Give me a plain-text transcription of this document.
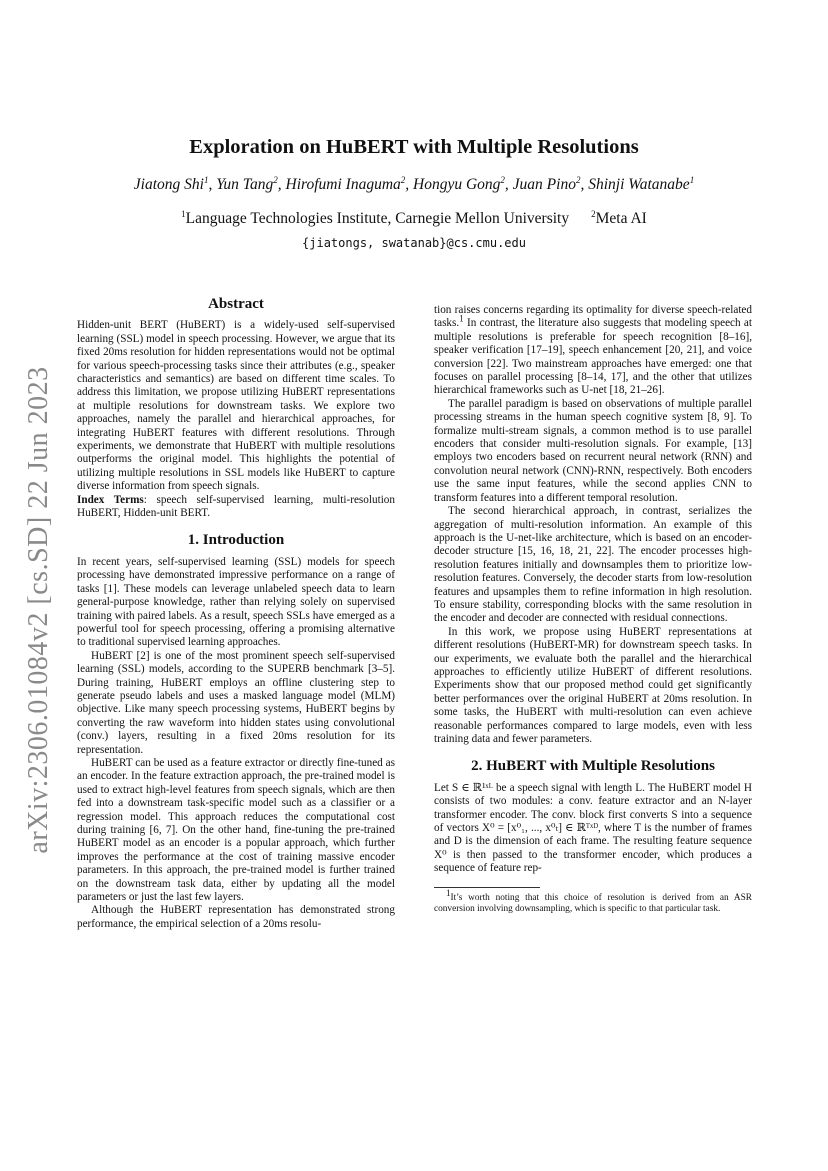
arXiv:2306.01084v2 [cs.SD] 22 Jun 2023
Exploration on HuBERT with Multiple Resolutions
Jiatong Shi$^1$, Yun Tang$^2$, Hirofumi Inaguma$^2$, Hongyu Gong$^2$, Juan Pino$^2$, Shinji Watanabe$^1$
$^1$Language Technologies Institute, Carnegie Mellon University $^2$Meta AI
{jiatongs, swatanab}@cs.cmu.edu
Abstract

Hidden-unit BERT (HuBERT) is a widely-used self-supervised learning (SSL) model in speech processing. However, we argue that its fixed 20ms resolution for hidden representations would not be optimal for various speech-processing tasks since their attributes (e.g., speaker characteristics and semantics) are based on different time scales. To address this limitation, we propose utilizing HuBERT representations at multiple resolutions for downstream tasks. We explore two approaches, namely the parallel and hierarchical approaches, for integrating HuBERT features with different resolutions. Through experiments, we demonstrate that HuBERT with multiple resolutions outperforms the original model. This highlights the potential of utilizing multiple resolutions in SSL models like HuBERT to capture diverse information from speech signals.

Index Terms: speech self-supervised learning, multi-resolution HuBERT, Hidden-unit BERT.

1. Introduction

In recent years, self-supervised learning (SSL) models for speech processing have demonstrated impressive performance on a range of tasks [1]. These models can leverage unlabeled speech data to learn general-purpose knowledge, rather than relying solely on supervised training with paired labels. As a result, speech SSLs have emerged as a powerful tool for speech processing, offering a promising alternative to traditional supervised learning approaches.

HuBERT [2] is one of the most prominent speech self-supervised learning (SSL) models, according to the SUPERB benchmark [3–5]. During training, HuBERT employs an offline clustering step to generate pseudo labels and uses a masked language model (MLM) objective. Like many speech processing systems, HuBERT begins by converting the raw waveform into hidden states using convolutional (conv.) layers, resulting in a fixed 20ms resolution for its representation.

HuBERT can be used as a feature extractor or directly fine-tuned as an encoder. In the feature extraction approach, the pre-trained model is used to extract high-level features from speech signals, which are then fed into a downstream task-specific model such as a classifier or a regression model. This approach reduces the computational cost during training [6, 7]. On the other hand, fine-tuning the pre-trained HuBERT model as an encoder is a popular approach, which further improves the performance at the cost of training massive encoder parameters. In this approach, the pre-trained model is further trained on the downstream task data, either by updating all the model parameters or just the last few layers.

Although the HuBERT representation has demonstrated strong performance, the empirical selection of a 20ms resolu-

tion raises concerns regarding its optimality for diverse speech-related tasks.$^1$ In contrast, the literature also suggests that modeling speech at multiple resolutions is preferable for speech recognition [8–16], speaker verification [17–19], speech enhancement [20, 21], and voice conversion [22]. Two mainstream approaches have emerged: one that focuses on parallel processing [8–14, 17], and the other that utilizes hierarchical frameworks such as U-net [18, 21–26].

The parallel paradigm is based on observations of multiple parallel processing streams in the human speech cognitive system [8, 9]. To formalize multi-stream signals, a common method is to use parallel encoders that consider multi-resolution signals. For example, [13] employs two encoders based on recurrent neural network (RNN) and convolution neural network (CNN)-RNN, respectively. Both encoders use the same input features, while the second applies CNN to transform features into a different temporal resolution.

The second hierarchical approach, in contrast, serializes the aggregation of multi-resolution information. An example of this approach is the U-net-like architecture, which is based on an encoder-decoder structure [15, 16, 18, 21, 22]. The encoder processes high-resolution features initially and downsamples them to prioritize low-resolution features. Conversely, the decoder starts from low-resolution features and upsamples them to refine information in high resolution. To ensure stability, corresponding blocks with the same resolution in the encoder and decoder are connected with residual connections.

In this work, we propose using HuBERT representations at different resolutions (HuBERT-MR) for downstream speech tasks. In our experiments, we evaluate both the parallel and the hierarchical approaches to efficiently utilize HuBERT of different resolutions. Experiments show that our proposed method could get significantly better performances over the original HuBERT at 20ms resolution. In some tasks, the HuBERT with multi-resolution can even achieve reasonable performances compared to large models, even with less training data and fewer parameters.

2. HuBERT with Multiple Resolutions

Let S ∈ ℝ¹ˣᴸ be a speech signal with length L. The HuBERT model H consists of two modules: a conv. feature extractor and an N-layer transformer encoder. The conv. block first converts S into a sequence of vectors X⁰ = [x⁰₁, ..., x⁰ₜ] ∈ ℝᵀˣᴰ, where T is the number of frames and D is the dimension of each frame. The resulting feature sequence X⁰ is then passed to the transformer encoder, which produces a sequence of feature rep-

$^1$It’s worth noting that this choice of resolution is derived from an ASR conversion involving downsampling, which is specific to that particular task.
